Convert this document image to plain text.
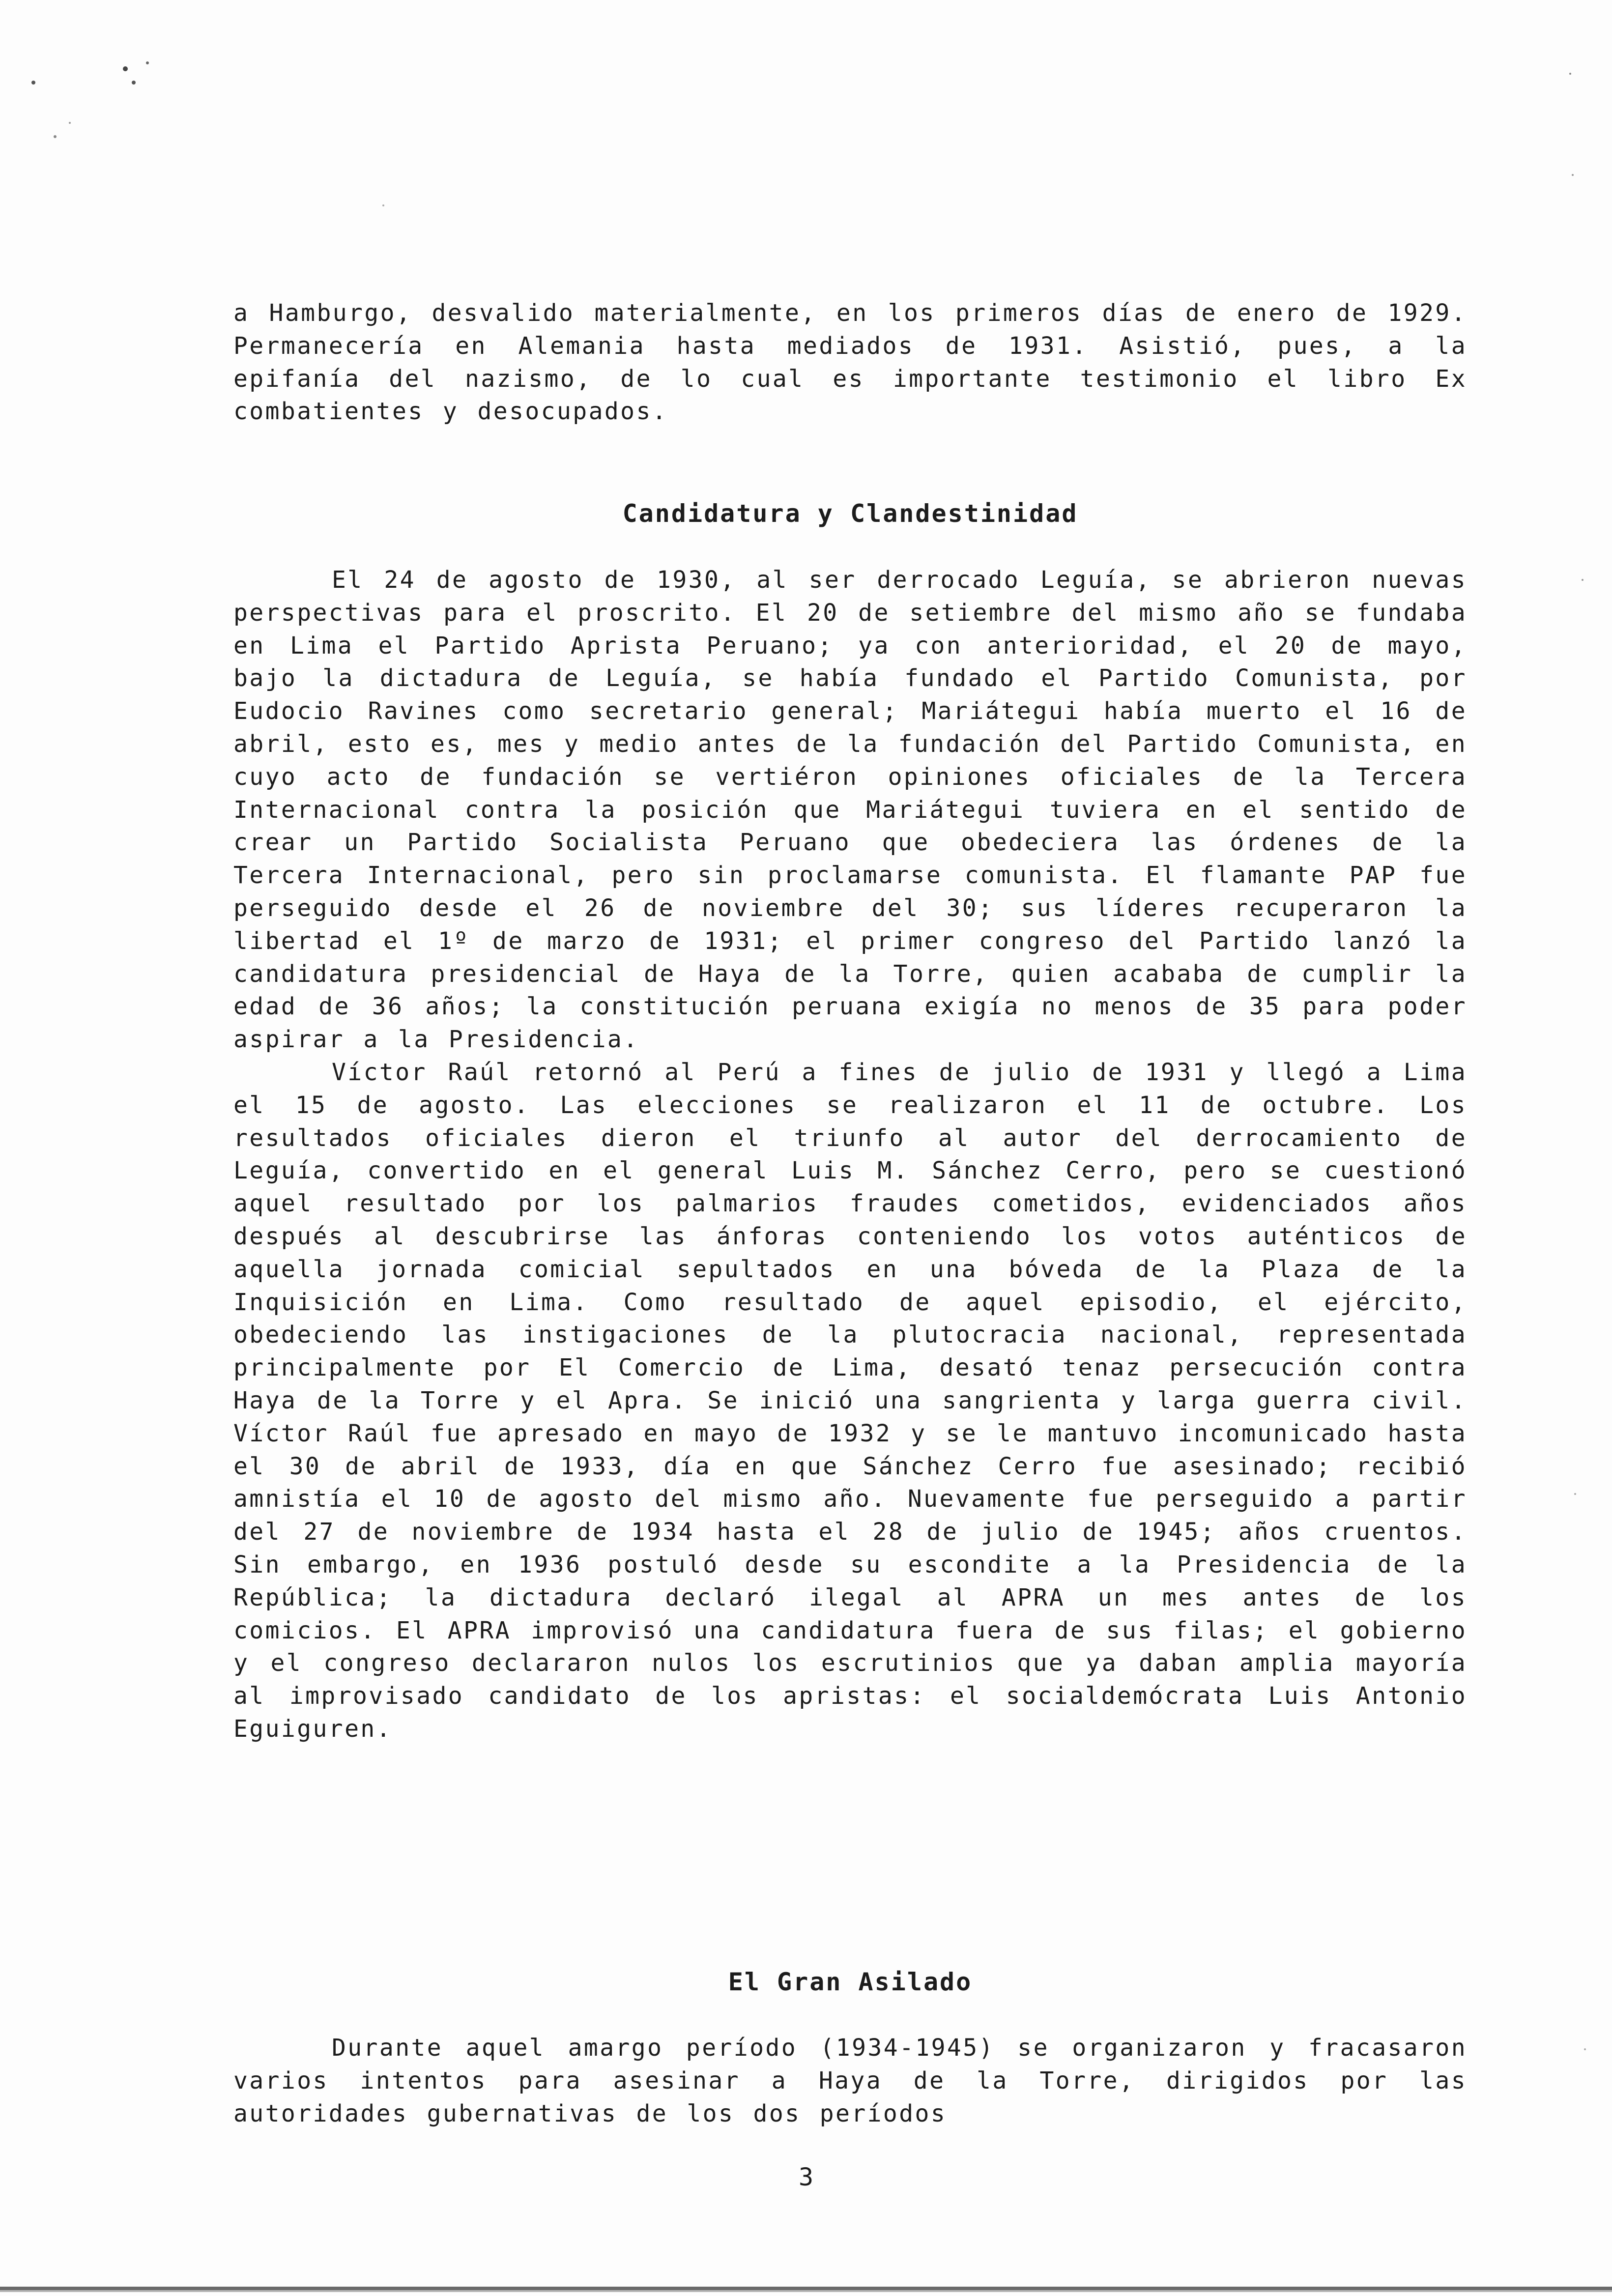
a Hamburgo, desvalido materialmente, en los primeros días de enero de 1929. Permanecería en Alemania hasta mediados de 1931. Asistió, pues, a la epifanía del nazismo, de lo cual es importante testimonio el libro Ex combatientes y desocupados.

Candidatura y Clandestinidad

El 24 de agosto de 1930, al ser derrocado Leguía, se abrieron nuevas perspectivas para el proscrito. El 20 de setiembre del mismo año se fundaba en Lima el Partido Aprista Peruano; ya con anterioridad, el 20 de mayo, bajo la dictadura de Leguía, se había fundado el Partido Comunista, por Eudocio Ravines como secretario general; Mariátegui había muerto el 16 de abril, esto es, mes y medio antes de la fundación del Partido Comunista, en cuyo acto de fundación se vertiéron opiniones oficiales de la Tercera Internacional contra la posición que Mariátegui tuviera en el sentido de crear un Partido Socialista Peruano que obedeciera las órdenes de la Tercera Internacional, pero sin proclamarse comunista. El flamante PAP fue perseguido desde el 26 de noviembre del 30; sus líderes recuperaron la libertad el 1º de marzo de 1931; el primer congreso del Partido lanzó la candidatura presidencial de Haya de la Torre, quien acababa de cumplir la edad de 36 años; la constitución peruana exigía no menos de 35 para poder aspirar a la Presidencia.

Víctor Raúl retornó al Perú a fines de julio de 1931 y llegó a Lima el 15 de agosto. Las elecciones se realizaron el 11 de octubre. Los resultados oficiales dieron el triunfo al autor del derrocamiento de Leguía, convertido en el general Luis M. Sánchez Cerro, pero se cuestionó aquel resultado por los palmarios fraudes cometidos, evidenciados años después al descubrirse las ánforas conteniendo los votos auténticos de aquella jornada comicial sepultados en una bóveda de la Plaza de la Inquisición en Lima. Como resultado de aquel episodio, el ejército, obedeciendo las instigaciones de la plutocracia nacional, representada principalmente por El Comercio de Lima, desató tenaz persecución contra Haya de la Torre y el Apra. Se inició una sangrienta y larga guerra civil. Víctor Raúl fue apresado en mayo de 1932 y se le mantuvo incomunicado hasta el 30 de abril de 1933, día en que Sánchez Cerro fue asesinado; recibió amnistía el 10 de agosto del mismo año. Nuevamente fue perseguido a partir del 27 de noviembre de 1934 hasta el 28 de julio de 1945; años cruentos. Sin embargo, en 1936 postuló desde su escondite a la Presidencia de la República; la dictadura declaró ilegal al APRA un mes antes de los comicios. El APRA improvisó una candidatura fuera de sus filas; el gobierno y el congreso declararon nulos los escrutinios que ya daban amplia mayoría al improvisado candidato de los apristas: el socialdemócrata Luis Antonio Eguiguren.

El Gran Asilado

Durante aquel amargo período (1934-1945) se organizaron y fracasaron varios intentos para asesinar a Haya de la Torre, dirigidos por las autoridades gubernativas de los dos períodos

3
